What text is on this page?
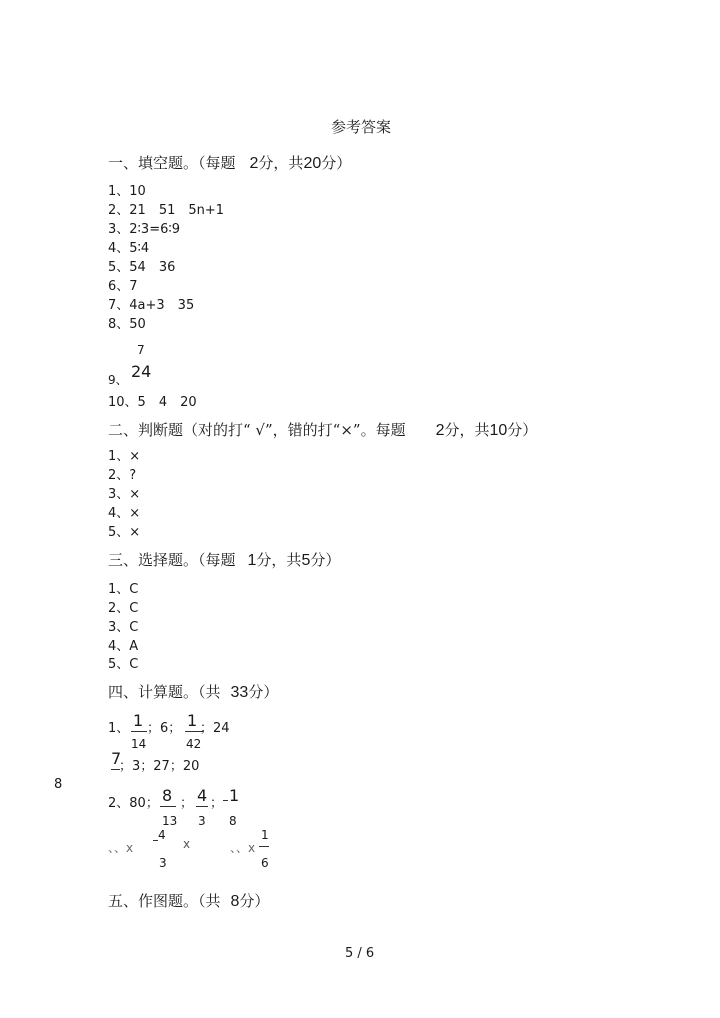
参考答案
一、填空题。（每题 2分，共20分）
1、10
2、21　51　5n+1
3、2∶3=6∶9
4、5∶4
5、54　36
6、7
7、4a+3　35
8、50
7
24
9、
10、5　4　20
二、判断题（对的打“ √”，错的打“×”。每题 2分，共10分）
1、×
2、?
3、×
4、×
5、×
三、选择题。（每题 1分，共5分）
1、C
2、C
3、C
4、A
5、C
四、计算题。（共 33分）
1、 1
14
；6； 1
42
；24
7
；3；27；20
8
2、80； 8
13
； 4
3
； 1
8
、、x
4
3
x	、、x
1
6
五、作图题。（共 8分）
5 / 6
